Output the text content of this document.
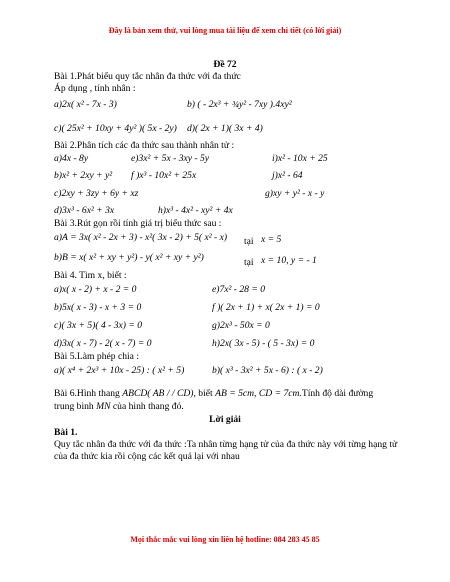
Đây là bản xem thử, vui lòng mua tài liệu để xem chi tiết (có lời giải)
Đề 72
Bài 1.Phát biểu quy tắc nhân đa thức với đa thức
Áp dụng , tính nhân :
a)2x( x² - 7x - 3)	b) ( - 2x³ + ¾y² - 7xy ).4xy²
c)( 25x² + 10xy + 4y² )( 5x - 2y) d)( 2x + 1)( 3x + 4)
Bài 2.Phân tích các đa thức sau thành nhân tử :
a)4x - 8y	e)3x² + 5x - 3xy - 5y	i)x² - 10x + 25
b)x² + 2xy + y² f )x³ - 10x² + 25x	j)x² - 64
c)2xy + 3zy + 6y + xz	g)xy + y² - x - y
d)3x³ - 6x² + 3x	h)x³ - 4x² - xy² + 4x
Bài 3.Rút gọn rồi tính giá trị biểu thức sau :
a)A = 3x( x² - 2x + 3) - x²( 3x - 2) + 5( x² - x) tại x = 5
b)B = x( x² + xy + y²) - y( x² + xy + y²)	tại x = 10, y = - 1
Bài 4. Tìm x, biết :
a)x( x - 2) + x - 2 = 0	e)7x² - 28 = 0
b)5x( x - 3) - x + 3 = 0	f )( 2x + 1) + x( 2x + 1) = 0
c)( 3x + 5)( 4 - 3x) = 0	g)2x³ - 50x = 0
d)3x( x - 7) - 2( x - 7) = 0	h)2x( 3x - 5) - ( 5 - 3x) = 0
Bài 5.Làm phép chia :
a)( x⁴ + 2x³ + 10x - 25) : ( x² + 5)	b)( x³ - 3x² + 5x - 6) : ( x - 2)
Bài 6.Hình thang ABCD( AB / / CD), biết AB = 5cm, CD = 7cm.Tính độ dài đường
trung bình MN của hình thang đó.
Lời giải
Bài 1.
Quy tắc nhân đa thức với đa thức :Ta nhân từng hạng tử của đa thức này với từng hạng tử của đa thức kia rồi cộng các kết quả lại với nhau
Mọi thắc mắc vui lòng xin liên hệ hotline: 084 283 45 85
